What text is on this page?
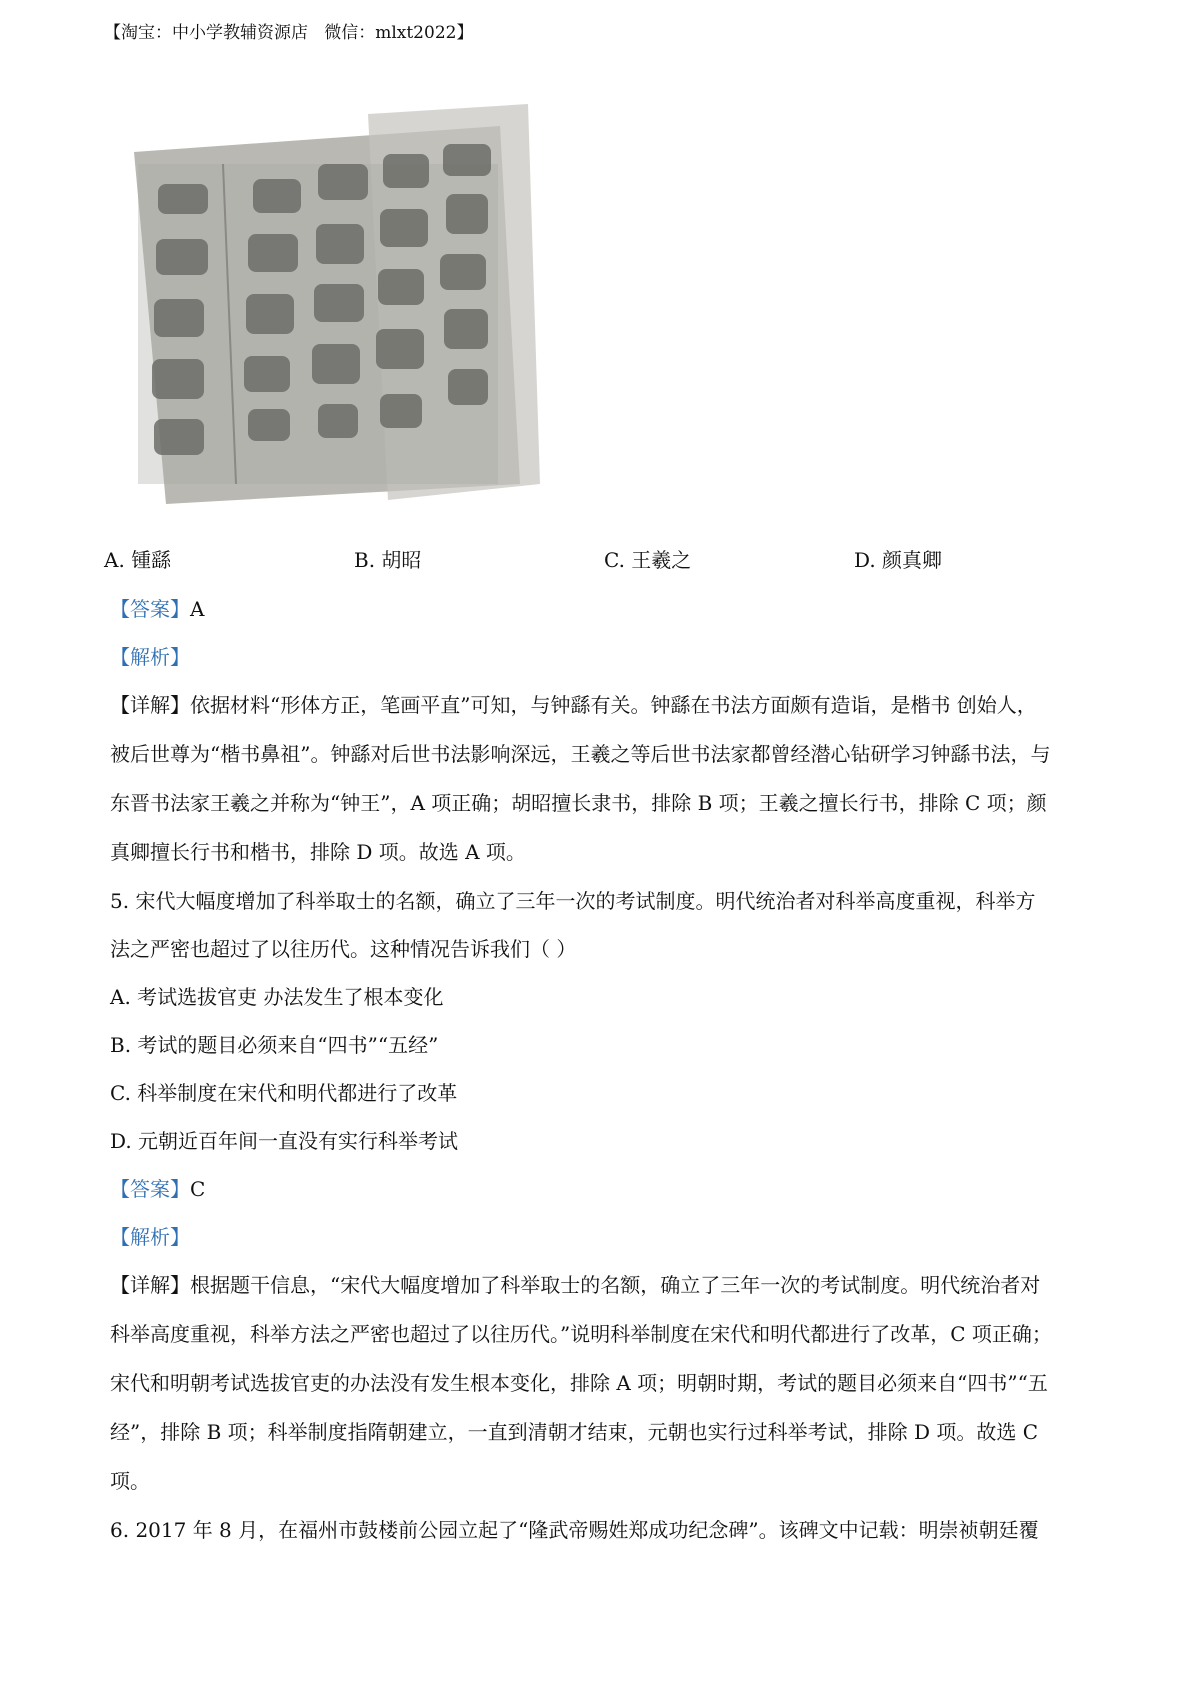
【淘宝：中小学教辅资源店   微信：mlxt2022】
A. 锺繇	B. 胡昭	C. 王羲之	D. 颜真卿
【答案】A
【解析】
【详解】依据材料“形体方正，笔画平直”可知，与钟繇有关。钟繇在书法方面颇有造诣，是楷书 创始人，
被后世尊为“楷书鼻祖”。钟繇对后世书法影响深远，王羲之等后世书法家都曾经潜心钻研学习钟繇书法，与
东晋书法家王羲之并称为“钟王”，A 项正确；胡昭擅长隶书，排除 B 项；王羲之擅长行书，排除 C 项；颜
真卿擅长行书和楷书，排除 D 项。故选 A 项。
5. 宋代大幅度增加了科举取士的名额，确立了三年一次的考试制度。明代统治者对科举高度重视，科举方
法之严密也超过了以往历代。这种情况告诉我们（ ）
A. 考试选拔官吏 办法发生了根本变化
B. 考试的题目必须来自“四书”“五经”
C. 科举制度在宋代和明代都进行了改革
D. 元朝近百年间一直没有实行科举考试
【答案】C
【解析】
【详解】根据题干信息，“宋代大幅度增加了科举取士的名额，确立了三年一次的考试制度。明代统治者对
科举高度重视，科举方法之严密也超过了以往历代。”说明科举制度在宋代和明代都进行了改革，C 项正确；
宋代和明朝考试选拔官吏的办法没有发生根本变化，排除 A 项；明朝时期，考试的题目必须来自“四书”“五
经”，排除 B 项；科举制度指隋朝建立，一直到清朝才结束，元朝也实行过科举考试，排除 D 项。故选 C
项。
6. 2017 年 8 月，在福州市鼓楼前公园立起了“隆武帝赐姓郑成功纪念碑”。该碑文中记载：明崇祯朝廷覆
